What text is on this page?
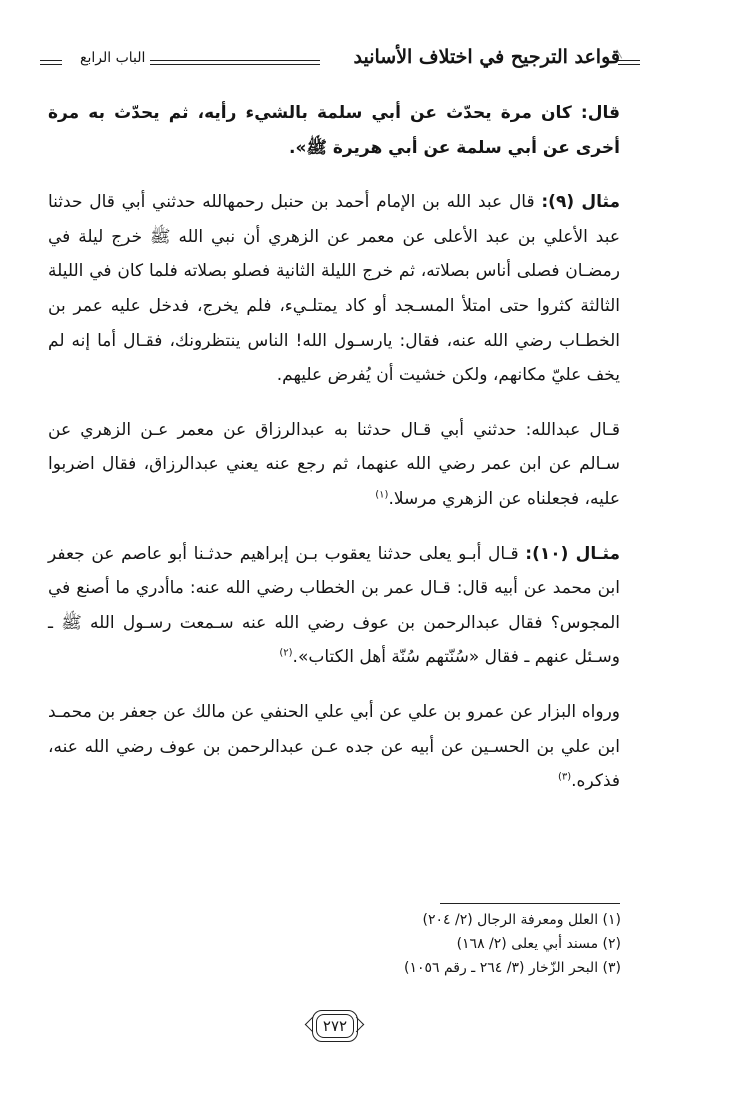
قواعد الترجيح في اختلاف الأسانيد
الباب الرابع

قال: كان مرة يحدّث عن أبي سلمة بالشيء رأيه، ثم يحدّث به مرة أخرى عن أبي سلمة عن أبي هريرة ﷺ».

مثال (٩): قال عبد الله بن الإمام أحمد بن حنبل رحمهالله حدثني أبي قال حدثنا عبد الأعلي بن عبد الأعلى عن معمر عن الزهري أن نبي الله ﷺ خرج ليلة في رمضـان فصلى أناس بصلاته، ثم خرج الليلة الثانية فصلو بصلاته فلما كان في الليلة الثالثة كثروا حتى امتلأ المسـجد أو كاد يمتلـيء، فلم يخرج، فدخل عليه عمر بن الخطـاب رضي الله عنه، فقال: يارسـول الله! الناس ينتظرونك، فقـال أما إنه لم يخف عليّ مكانهم، ولكن خشيت أن يُفرض عليهم.

قـال عبدالله: حدثني أبي قـال حدثنا به عبدالرزاق عن معمر عـن الزهري عن سـالم عن ابن عمر رضي الله عنهما، ثم رجع عنه يعني عبدالرزاق، فقال اضربوا عليه، فجعلناه عن الزهري مرسلا.$^{(١)}$

مثـال (١٠): قـال أبـو يعلى حدثنا يعقوب بـن إبراهيم حدثـنا أبو عاصم عن جعفر ابن محمد عن أبيه قال: قـال عمر بن الخطاب رضي الله عنه: ماأدري ما أصنع في المجوس؟ فقال عبدالرحمن بن عوف رضي الله عنه سـمعت رسـول الله ﷺ ـ وسـئل عنهم ـ فقال «سُنّتهم سُنّة أهل الكتاب».$^{(٢)}$

ورواه البزار عن عمرو بن علي عن أبي علي الحنفي عن مالك عن جعفر بن محمـد ابن علي بن الحسـين عن أبيه عن جده عـن عبدالرحمن بن عوف رضي الله عنه، فذكره.$^{(٣)}$

(١) العلل ومعرفة الرجال (٢/ ٢٠٤)
(٢) مسند أبي يعلى (٢/ ١٦٨)
(٣) البحر الزّخار (٣/ ٢٦٤ ـ رقم ١٠٥٦)
٢٧٢
